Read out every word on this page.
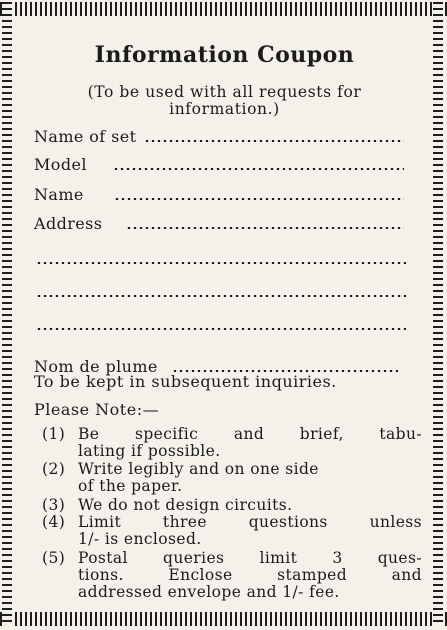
Information Coupon
(To be used with all requests for
information.)
Name of set
Model
Name
Address
Nom de plume
To be kept in subsequent inquiries.
Please Note:—
(1) Be specific and brief, tabu-
lating if possible.
(2) Write legibly and on one side
of the paper.
(3) We do not design circuits.
(4) Limit three questions unless
1/- is enclosed.
(5) Postal queries limit 3 ques-
tions. Enclose stamped and
addressed envelope and 1/- fee.
